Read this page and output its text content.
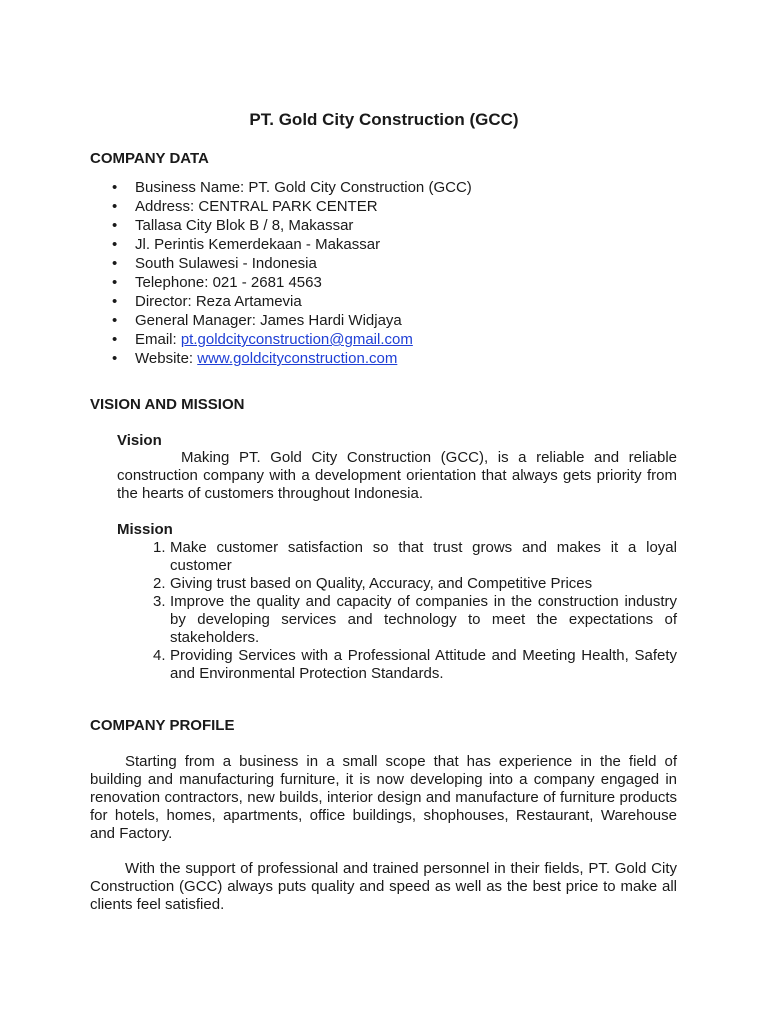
PT. Gold City Construction (GCC)
COMPANY DATA
• Business Name: PT. Gold City Construction (GCC)
• Address: CENTRAL PARK CENTER
• Tallasa City Blok B / 8, Makassar
• Jl. Perintis Kemerdekaan - Makassar
• South Sulawesi - Indonesia
• Telephone: 021 - 2681 4563
• Director: Reza Artamevia
• General Manager: James Hardi Widjaya
• Email: pt.goldcityconstruction@gmail.com
• Website: www.goldcityconstruction.com
VISION AND MISSION
Vision

Making PT. Gold City Construction (GCC), is a reliable and reliable construction company with a development orientation that always gets priority from the hearts of customers throughout Indonesia.

Mission
1. Make customer satisfaction so that trust grows and makes it a loyal customer
2. Giving trust based on Quality, Accuracy, and Competitive Prices
3. Improve the quality and capacity of companies in the construction industry by developing services and technology to meet the expectations of stakeholders.
4. Providing Services with a Professional Attitude and Meeting Health, Safety and Environmental Protection Standards.
COMPANY PROFILE

Starting from a business in a small scope that has experience in the field of building and manufacturing furniture, it is now developing into a company engaged in renovation contractors, new builds, interior design and manufacture of furniture products for hotels, homes, apartments, office buildings, shophouses, Restaurant, Warehouse and Factory.

With the support of professional and trained personnel in their fields, PT. Gold City Construction (GCC) always puts quality and speed as well as the best price to make all clients feel satisfied.
